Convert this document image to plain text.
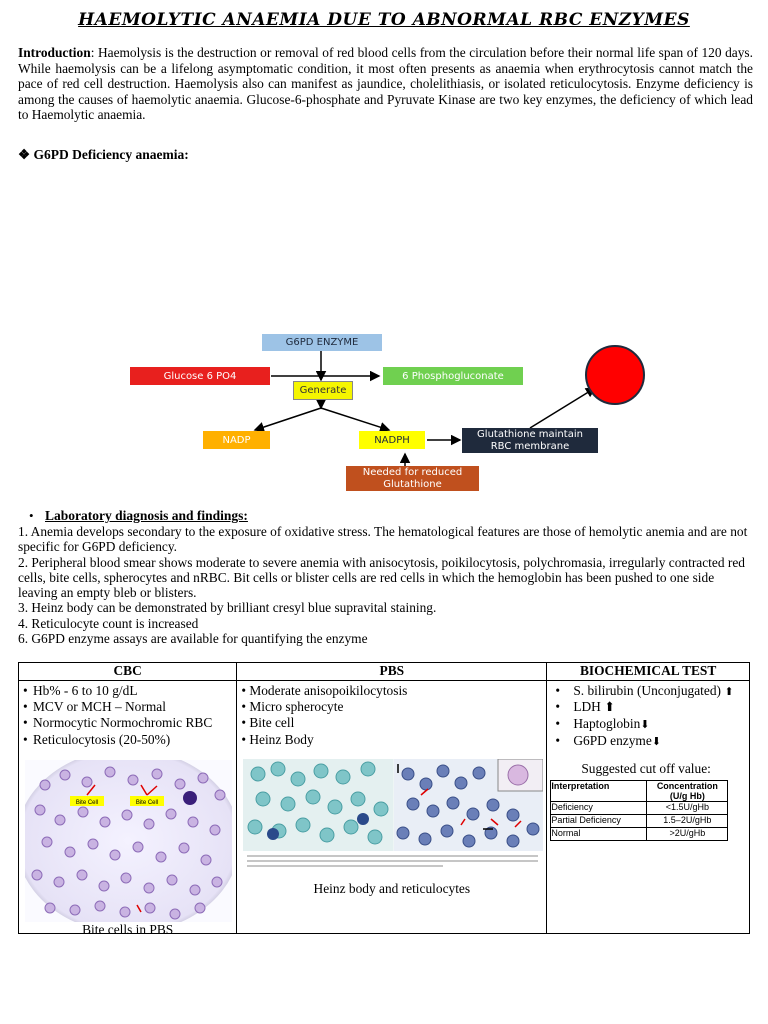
HAEMOLYTIC ANAEMIA DUE TO ABNORMAL RBC ENZYMES
Introduction: Haemolysis is the destruction or removal of red blood cells from the circulation before their normal life span of 120 days. While haemolysis can be a lifelong asymptomatic condition, it most often presents as anaemia when erythrocytosis cannot match the pace of red cell destruction. Haemolysis also can manifest as jaundice, cholelithiasis, or isolated reticulocytosis. Enzyme deficiency is among the causes of haemolytic anaemia. Glucose-6-phosphate and Pyruvate Kinase are two key enzymes, the deficiency of which lead to Haemolytic anaemia.
❖ G6PD Deficiency anaemia:
G6PD ENZYME
Glucose 6 PO4
Generate
6 Phosphogluconate
NADP	NADPH
Glutathione maintain
RBC membrane
Needed for reduced
Glutathione
• Laboratory diagnosis and findings:
1. Anemia develops secondary to the exposure of oxidative stress. The hematological features are those of hemolytic anemia and are not specific for G6PD deficiency.
2. Peripheral blood smear shows moderate to severe anemia with anisocytosis, poikilocytosis, polychromasia, irregularly contracted red cells, bite cells, spherocytes and nRBC. Bit cells or blister cells are red cells in which the hemoglobin has been pushed to one side leaving an empty bleb or blisters.
3. Heinz body can be demonstrated by brilliant cresyl blue supravital staining.
4. Reticulocyte count is increased
6. G6PD enzyme assays are available for quantifying the enzyme
CBC	PBS	BIOCHEMICAL TEST

• Hb% - 6 to 10 g/dL
• MCV or MCH – Normal
• Normocytic Normochromic RBC
• Reticulocytosis (20-50%)
Bite Cell	Bite Cell
Bite cells in PBS

• Moderate anisopoikilocytosis
• Micro spherocyte
• Bite cell
• Heinz Body
Heinz body and reticulocytes

• S. bilirubin (Unconjugated) ⬆
• LDH ⬆
• Haptoglobin⬇
• G6PD enzyme⬇
Suggested cut off value:
Interpretation	Concentration (U/g Hb)
Deficiency	<1.5U/gHb
Partial Deficiency	1.5–2U/gHb
Normal	>2U/gHb
